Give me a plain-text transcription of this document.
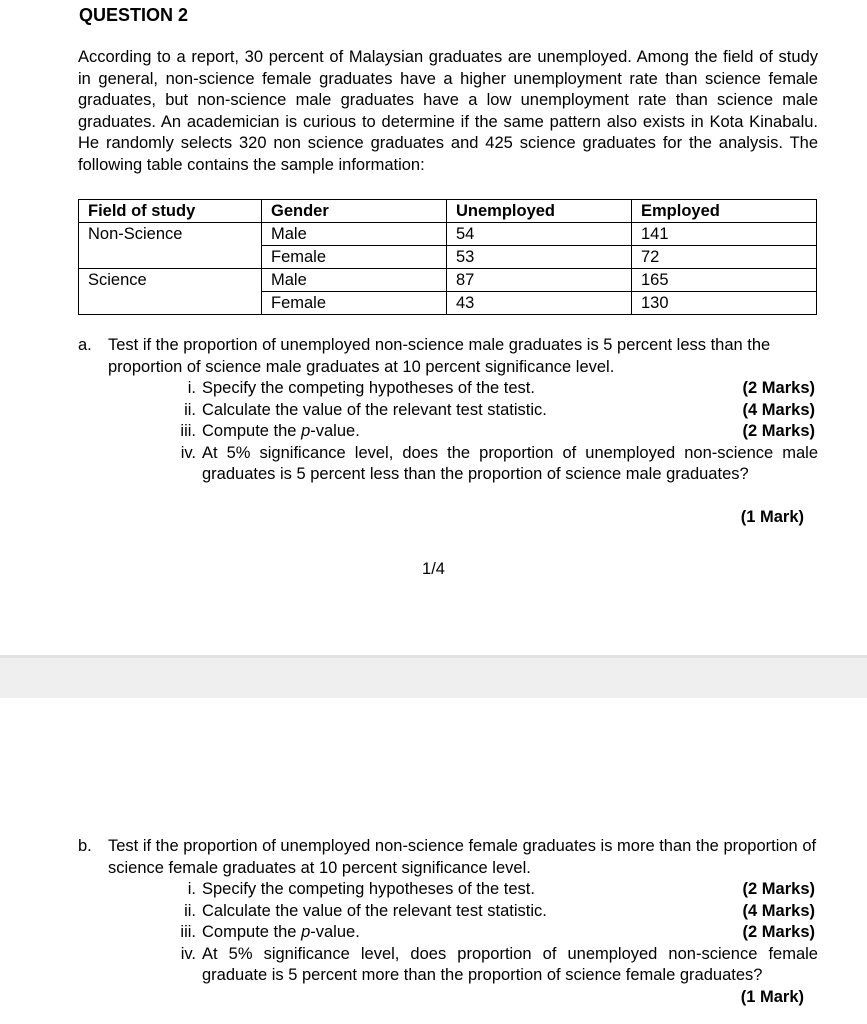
QUESTION 2
According to a report, 30 percent of Malaysian graduates are unemployed. Among the field of study in general, non-science female graduates have a higher unemployment rate than science female graduates, but non-science male graduates have a low unemployment rate than science male graduates. An academician is curious to determine if the same pattern also exists in Kota Kinabalu. He randomly selects 320 non science graduates and 425 science graduates for the analysis. The following table contains the sample information:
Field of study	Gender	Unemployed	Employed
Non-Science	Male	54	141
	Female	53	72
Science	Male	87	165
	Female	43	130
a. Test if the proportion of unemployed non-science male graduates is 5 percent less than the proportion of science male graduates at 10 percent significance level.
i. Specify the competing hypotheses of the test.	(2 Marks)
ii. Calculate the value of the relevant test statistic.	(4 Marks)
iii. Compute the p-value.	(2 Marks)
iv. At 5% significance level, does the proportion of unemployed non-science male graduates is 5 percent less than the proportion of science male graduates?
(1 Mark)
1/4
b. Test if the proportion of unemployed non-science female graduates is more than the proportion of science female graduates at 10 percent significance level.
i. Specify the competing hypotheses of the test.	(2 Marks)
ii. Calculate the value of the relevant test statistic.	(4 Marks)
iii. Compute the p-value.	(2 Marks)
iv. At 5% significance level, does proportion of unemployed non-science female graduate is 5 percent more than the proportion of science female graduates?
(1 Mark)
